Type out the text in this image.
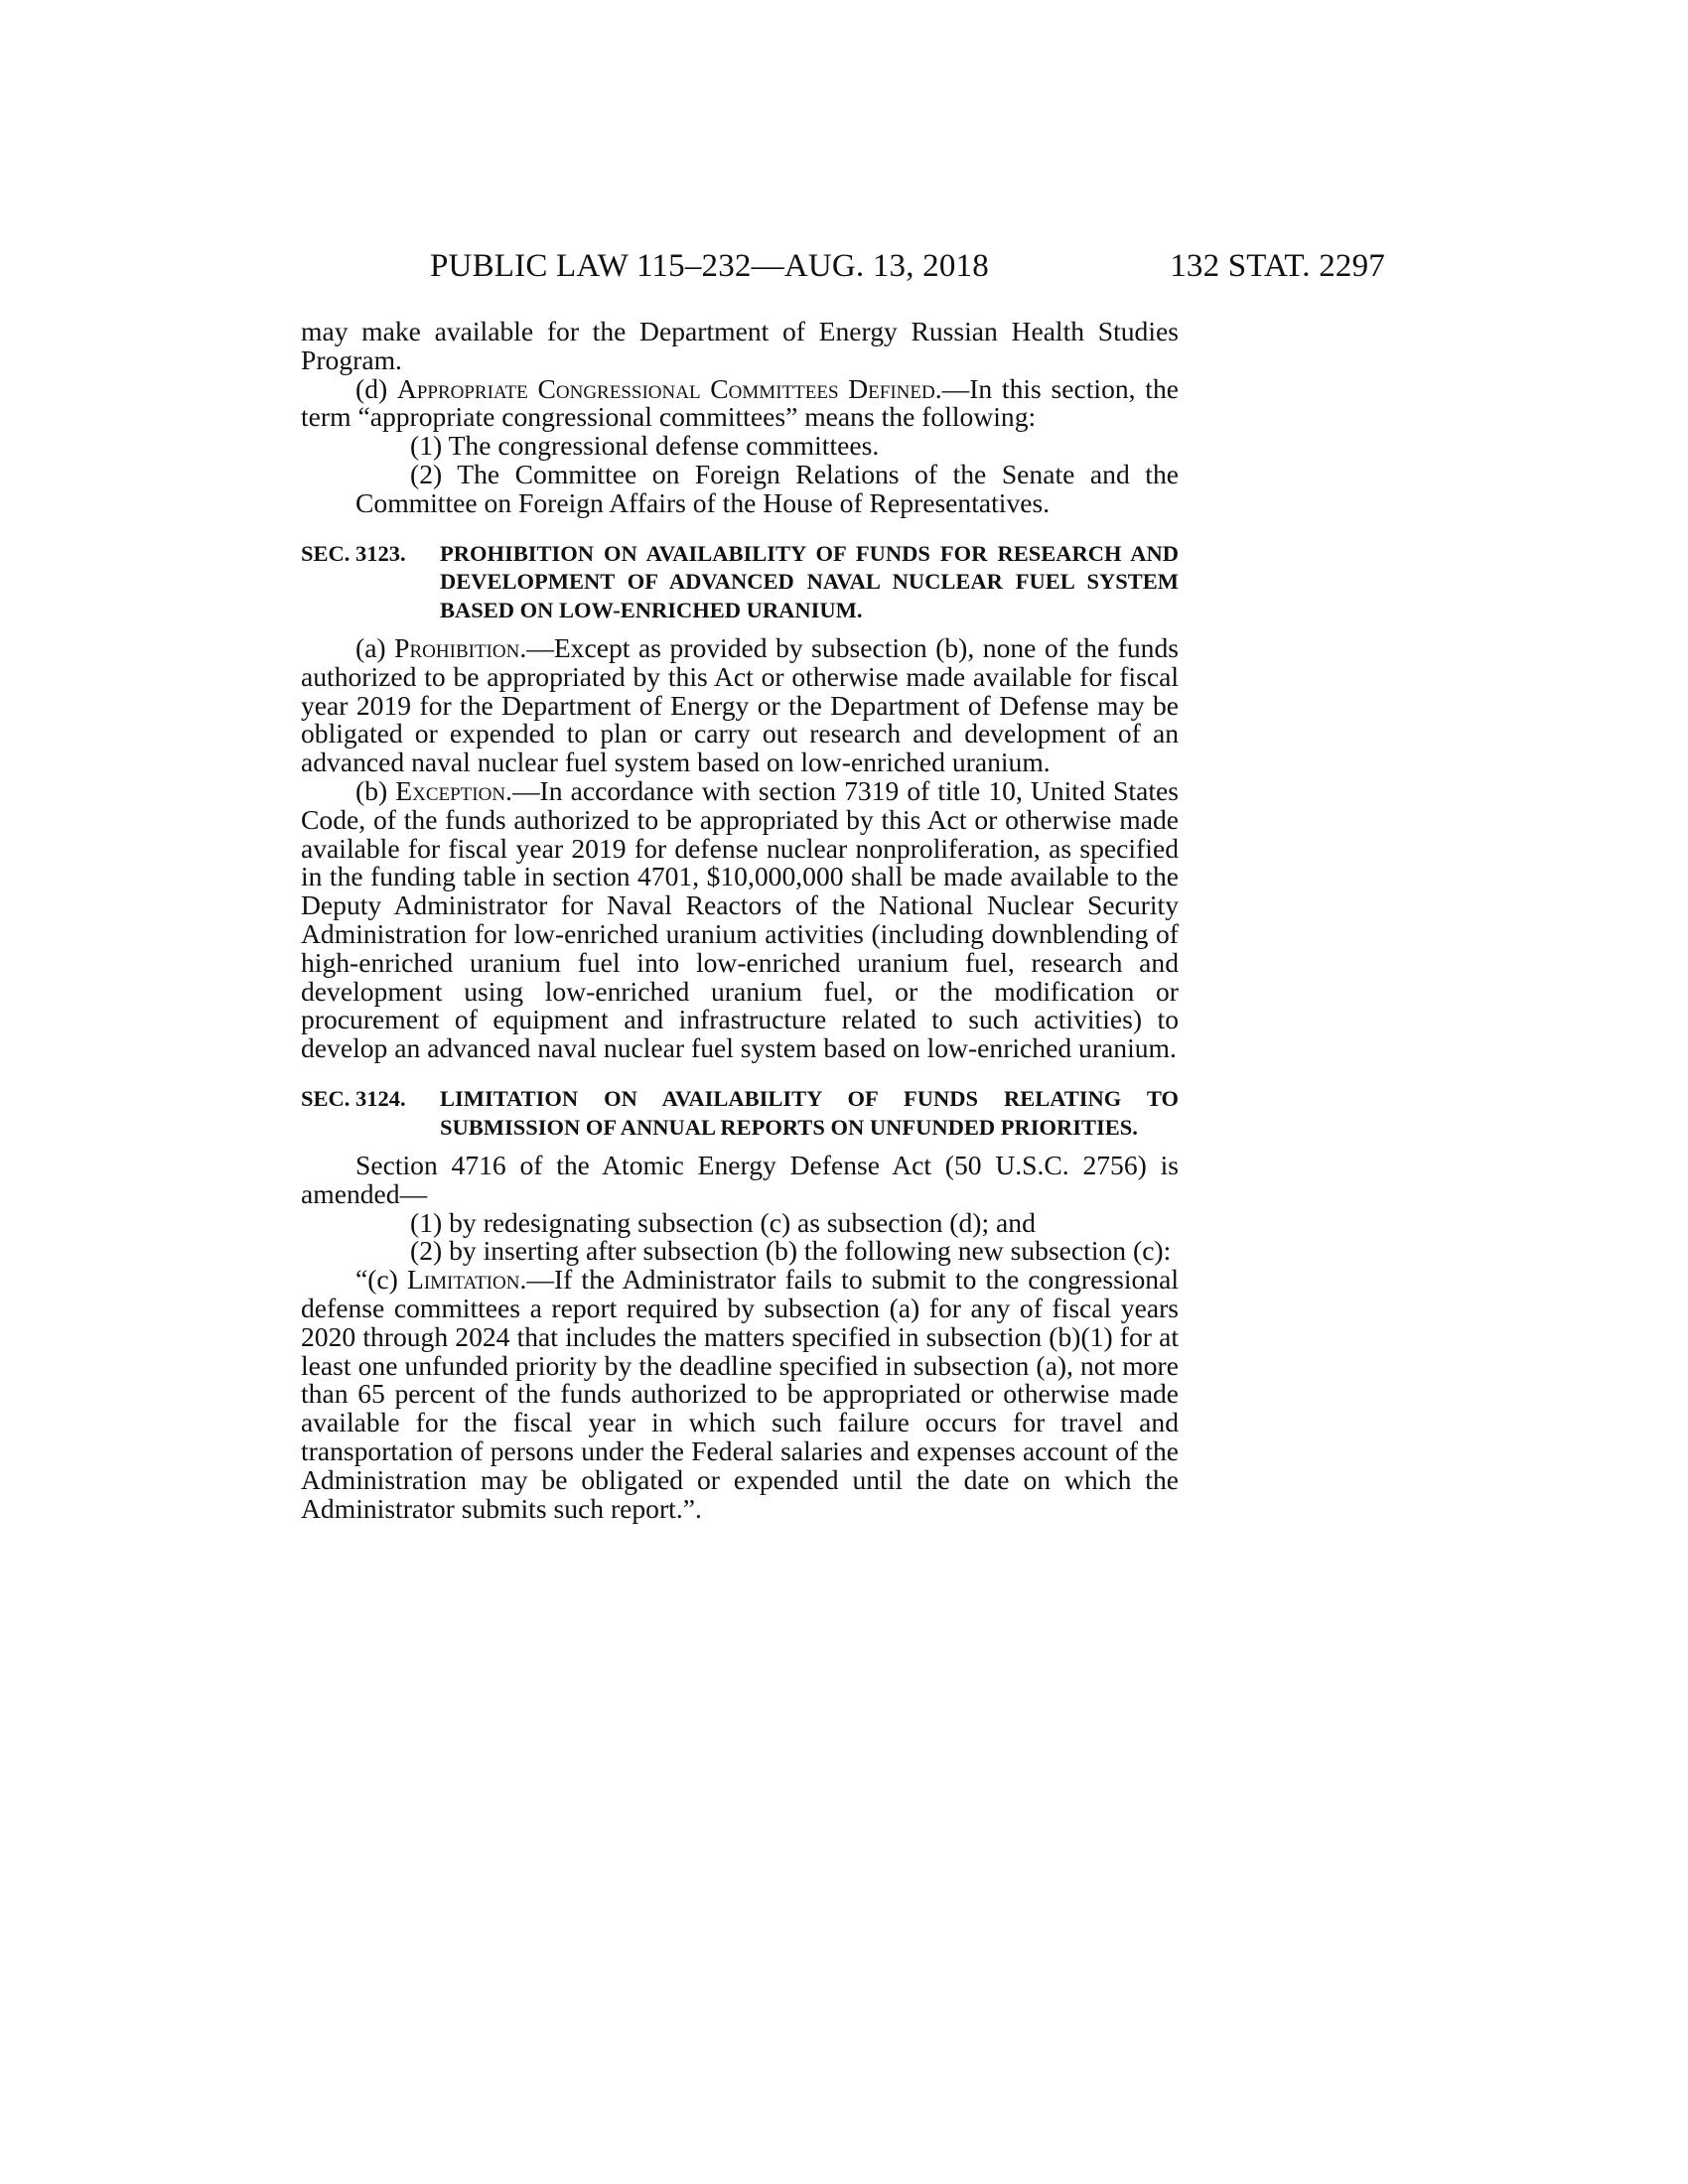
PUBLIC LAW 115–232—AUG. 13, 2018	132 STAT. 2297

may make available for the Department of Energy Russian Health Studies Program.

(d) Appropriate Congressional Committees Defined.—In this section, the term “appropriate congressional committees” means the following:

(1) The congressional defense committees.

(2) The Committee on Foreign Relations of the Senate and the Committee on Foreign Affairs of the House of Representatives.

SEC. 3123.	PROHIBITION ON AVAILABILITY OF FUNDS FOR RESEARCH AND DEVELOPMENT OF ADVANCED NAVAL NUCLEAR FUEL SYSTEM BASED ON LOW-ENRICHED URANIUM.

(a) Prohibition.—Except as provided by subsection (b), none of the funds authorized to be appropriated by this Act or otherwise made available for fiscal year 2019 for the Department of Energy or the Department of Defense may be obligated or expended to plan or carry out research and development of an advanced naval nuclear fuel system based on low-enriched uranium.

(b) Exception.—In accordance with section 7319 of title 10, United States Code, of the funds authorized to be appropriated by this Act or otherwise made available for fiscal year 2019 for defense nuclear nonproliferation, as specified in the funding table in section 4701, $10,000,000 shall be made available to the Deputy Administrator for Naval Reactors of the National Nuclear Security Administration for low-enriched uranium activities (including downblending of high-enriched uranium fuel into low-enriched uranium fuel, research and development using low-enriched uranium fuel, or the modification or procurement of equipment and infrastructure related to such activities) to develop an advanced naval nuclear fuel system based on low-enriched uranium.

SEC. 3124.	LIMITATION ON AVAILABILITY OF FUNDS RELATING TO SUBMISSION OF ANNUAL REPORTS ON UNFUNDED PRIORITIES.

Section 4716 of the Atomic Energy Defense Act (50 U.S.C. 2756) is amended—

(1) by redesignating subsection (c) as subsection (d); and

(2) by inserting after subsection (b) the following new subsection (c):

“(c) Limitation.—If the Administrator fails to submit to the congressional defense committees a report required by subsection (a) for any of fiscal years 2020 through 2024 that includes the matters specified in subsection (b)(1) for at least one unfunded priority by the deadline specified in subsection (a), not more than 65 percent of the funds authorized to be appropriated or otherwise made available for the fiscal year in which such failure occurs for travel and transportation of persons under the Federal salaries and expenses account of the Administration may be obligated or expended until the date on which the Administrator submits such report.”.
